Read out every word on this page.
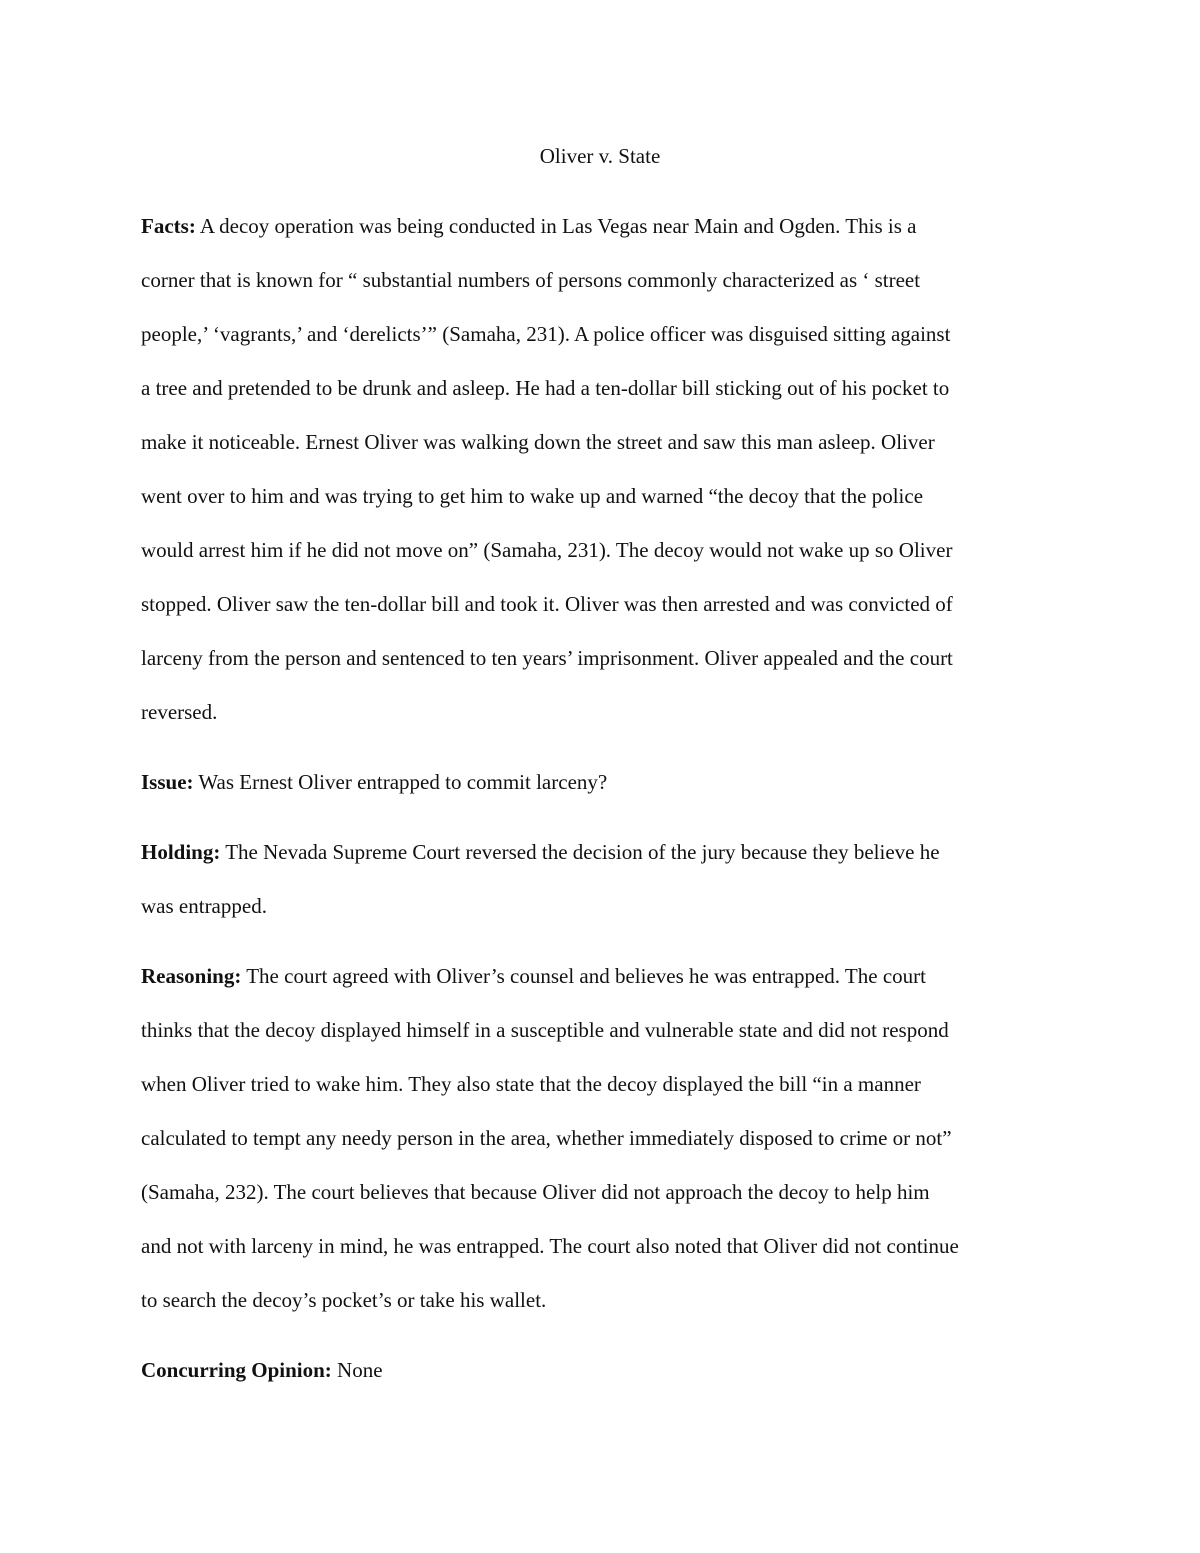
Oliver v. State
Facts: A decoy operation was being conducted in Las Vegas near Main and Ogden. This is a
corner that is known for “ substantial numbers of persons commonly characterized as ‘ street
people,’ ‘vagrants,’ and ‘derelicts’” (Samaha, 231). A police officer was disguised sitting against
a tree and pretended to be drunk and asleep. He had a ten-dollar bill sticking out of his pocket to
make it noticeable. Ernest Oliver was walking down the street and saw this man asleep. Oliver
went over to him and was trying to get him to wake up and warned “the decoy that the police
would arrest him if he did not move on” (Samaha, 231). The decoy would not wake up so Oliver
stopped. Oliver saw the ten-dollar bill and took it. Oliver was then arrested and was convicted of
larceny from the person and sentenced to ten years’ imprisonment. Oliver appealed and the court
reversed.
Issue: Was Ernest Oliver entrapped to commit larceny?
Holding: The Nevada Supreme Court reversed the decision of the jury because they believe he
was entrapped.
Reasoning: The court agreed with Oliver’s counsel and believes he was entrapped. The court
thinks that the decoy displayed himself in a susceptible and vulnerable state and did not respond
when Oliver tried to wake him. They also state that the decoy displayed the bill “in a manner
calculated to tempt any needy person in the area, whether immediately disposed to crime or not”
(Samaha, 232). The court believes that because Oliver did not approach the decoy to help him
and not with larceny in mind, he was entrapped. The court also noted that Oliver did not continue
to search the decoy’s pocket’s or take his wallet.
Concurring Opinion: None
